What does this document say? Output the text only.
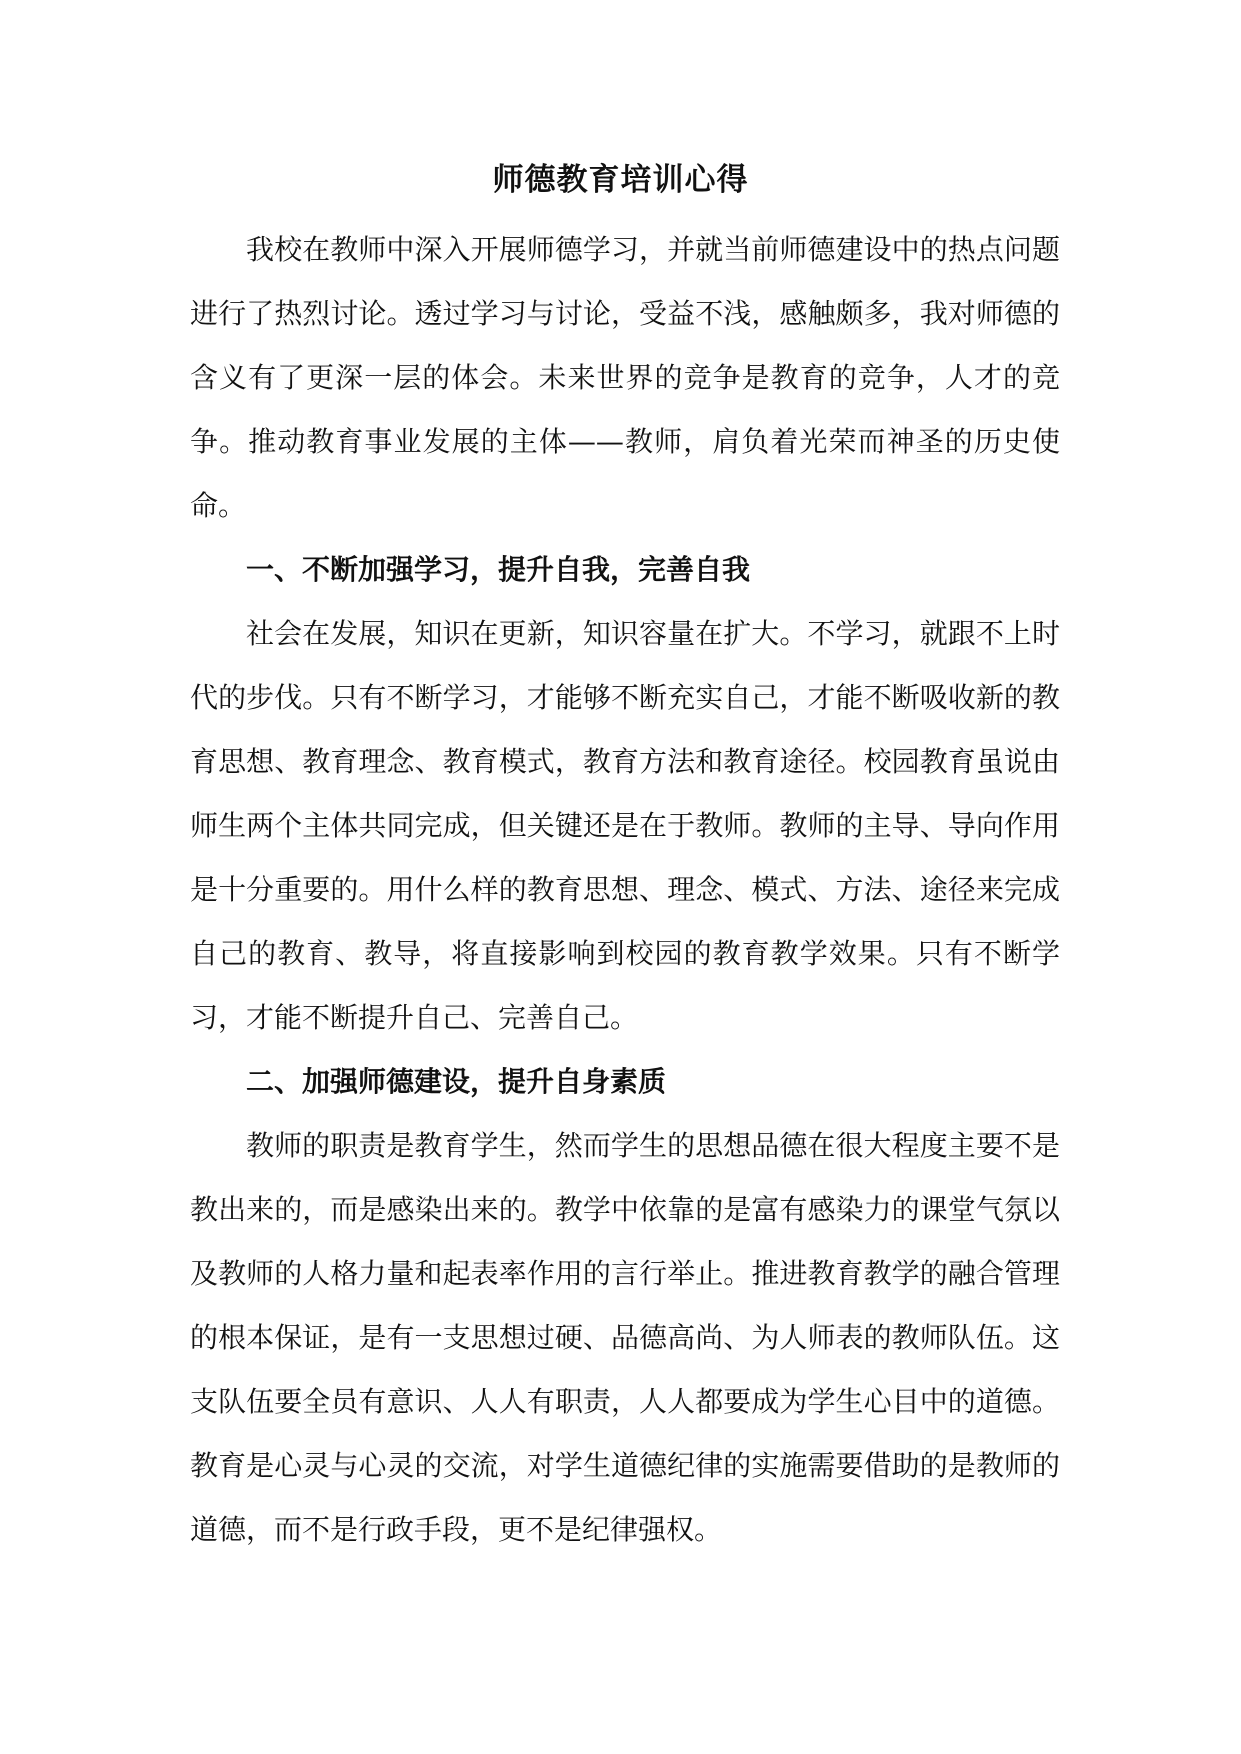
师德教育培训心得

我校在教师中深入开展师德学习，并就当前师德建设中的热点问题进行了热烈讨论。透过学习与讨论，受益不浅，感触颇多，我对师德的含义有了更深一层的体会。未来世界的竞争是教育的竞争，人才的竞争。推动教育事业发展的主体——教师，肩负着光荣而神圣的历史使命。

一、不断加强学习，提升自我，完善自我

社会在发展，知识在更新，知识容量在扩大。不学习，就跟不上时代的步伐。只有不断学习，才能够不断充实自己，才能不断吸收新的教育思想、教育理念、教育模式，教育方法和教育途径。校园教育虽说由师生两个主体共同完成，但关键还是在于教师。教师的主导、导向作用是十分重要的。用什么样的教育思想、理念、模式、方法、途径来完成自己的教育、教导，将直接影响到校园的教育教学效果。只有不断学习，才能不断提升自己、完善自己。

二、加强师德建设，提升自身素质

教师的职责是教育学生，然而学生的思想品德在很大程度主要不是教出来的，而是感染出来的。教学中依靠的是富有感染力的课堂气氛以及教师的人格力量和起表率作用的言行举止。推进教育教学的融合管理的根本保证，是有一支思想过硬、品德高尚、为人师表的教师队伍。这支队伍要全员有意识、人人有职责，人人都要成为学生心目中的道德。教育是心灵与心灵的交流，对学生道德纪律的实施需要借助的是教师的道德，而不是行政手段，更不是纪律强权。
